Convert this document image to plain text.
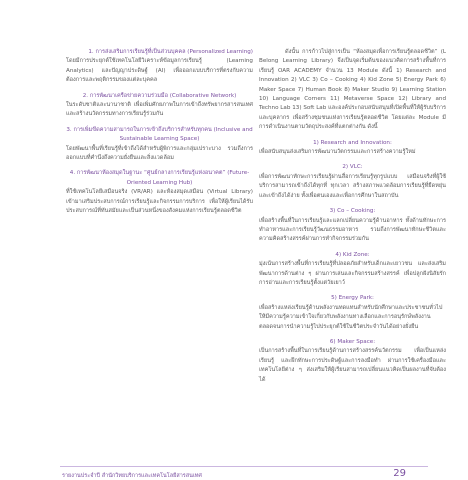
1. การส่งเสริมการเรียนรู้ที่เป็นส่วนบุคคล (Personalized Learning)
โดยมีการประยุกต์ใช้เทคโนโลยีวิเคราะห์ข้อมูลการเรียนรู้ (Learning Analytics) และปัญญาประดิษฐ์ (AI) เพื่อออกแบบบริการที่ตรงกับความต้องการและพฤติกรรมของแต่ละบุคคล
2. การพัฒนาเครือข่ายความร่วมมือ (Collaborative Network)
ในระดับชาติและนานาชาติ เพื่อเพิ่มศักยภาพในการเข้าถึงทรัพยากรสารสนเทศและสร้างนวัตกรรมทางการเรียนรู้ร่วมกัน
3. การเพิ่มขีดความสามารถในการเข้าถึงบริการสำหรับทุกคน (Inclusive and Sustainable Learning Space)
โดยพัฒนาพื้นที่เรียนรู้ที่เข้าถึงได้สำหรับผู้พิการและกลุ่มเปราะบาง รวมถึงการออกแบบที่คำนึงถึงความยั่งยืนและสิ่งแวดล้อม
4. การพัฒนาห้องสมุดในฐานะ “ศูนย์กลางการเรียนรู้แห่งอนาคต” (Future-Oriented Learning Hub)
ที่ใช้เทคโนโลยีเสมือนจริง (VR/AR) และห้องสมุดเสมือน (Virtual Library) เข้ามาเสริมประสบการณ์การเรียนรู้และกิจกรรมการบริการ เพื่อให้ผู้เรียนได้รับประสบการณ์ที่ทันสมัยและเป็นส่วนหนึ่งของสังคมแห่งการเรียนรู้ตลอดชีวิต
ดังนั้น การก้าวไปสู่การเป็น “ห้องสมุดเพื่อการเรียนรู้ตลอดชีวิต” (L Belong Learning Library) จึงเป็นจุดเริ่มต้นของแนวคิดการสร้างพื้นที่การเรียนรู้ OAR ACADEMY จำนวน 13 Module ดังนี้ 1) Research and Innovation 2) VLC 3) Co – Cooking 4) Kid Zone 5) Energy Park 6) Maker Space 7) Human Book 8) Maker Studio 9) Learning Station 10) Language Corners 11) Metaverse Space 12) Library and Techno Lab 13) Soft Lab และองค์ประกอบสนับสนุนที่เปิดพื้นที่ให้ผู้รับบริการและบุคลากร เพื่อสร้างชุมชนแห่งการเรียนรู้ตลอดชีวิต โดยแต่ละ Module มีการดำเนินงานตามวัตถุประสงค์ที่แตกต่างกัน ดังนี้
1) Research and Innovation:
เพื่อสนับสนุนส่งเสริมการพัฒนานวัตกรรมและการสร้างความรู้ใหม่
2) VLC:
เพื่อการพัฒนาทักษะการเรียนรู้ผ่านสื่อการเรียนรู้ทุกรูปแบบ เสมือนจริงที่ผู้ใช้บริการสามารถเข้าถึงได้ทุกที่ ทุกเวลา สร้างสภาพแวดล้อมการเรียนรู้ที่ยืดหยุ่นและเข้าถึงได้ง่าย ทั้งเพื่อตนเองและเพื่อการศึกษาในสถาบัน
3) Co – Cooking:
เพื่อสร้างพื้นที่ในการเรียนรู้และแลกเปลี่ยนความรู้ด้านอาหาร ทั้งด้านทักษะการทำอาหารและการเรียนรู้วัฒนธรรมอาหาร รวมถึงการพัฒนาทักษะชีวิตและความคิดสร้างสรรค์ผ่านการทำกิจกรรมร่วมกัน
4) Kid Zone:
มุ่งเน้นการสร้างพื้นที่การเรียนรู้ที่ปลอดภัยสำหรับเด็กและเยาวชน และส่งเสริมพัฒนาการด้านต่าง ๆ ผ่านการเล่นและกิจกรรมสร้างสรรค์ เพื่อปลูกฝังนิสัยรักการอ่านและการเรียนรู้ตั้งแต่วัยเยาว์
5) Energy Park:
เพื่อสร้างแหล่งเรียนรู้ด้านพลังงานทดแทนสำหรับนักศึกษาและประชาชนทั่วไป ให้มีความรู้ความเข้าใจเกี่ยวกับพลังงานทางเลือกและการอนุรักษ์พลังงาน ตลอดจนการนำความรู้ไปประยุกต์ใช้ในชีวิตประจำวันได้อย่างยั่งยืน
6) Maker Space:
เป็นการสร้างพื้นที่ในการเรียนรู้ด้านการสร้างสรรค์นวัตกรรม เพื่อเป็นแหล่งเรียนรู้ และฝึกทักษะการประดิษฐ์และการลงมือทำ ผ่านการใช้เครื่องมือและเทคโนโลยีต่าง ๆ ส่งเสริมให้ผู้เรียนสามารถเปลี่ยนแนวคิดเป็นผลงานที่จับต้องได้
รายงานประจำปี สำนักวิทยบริการและเทคโนโลยีสารสนเทศ	29
